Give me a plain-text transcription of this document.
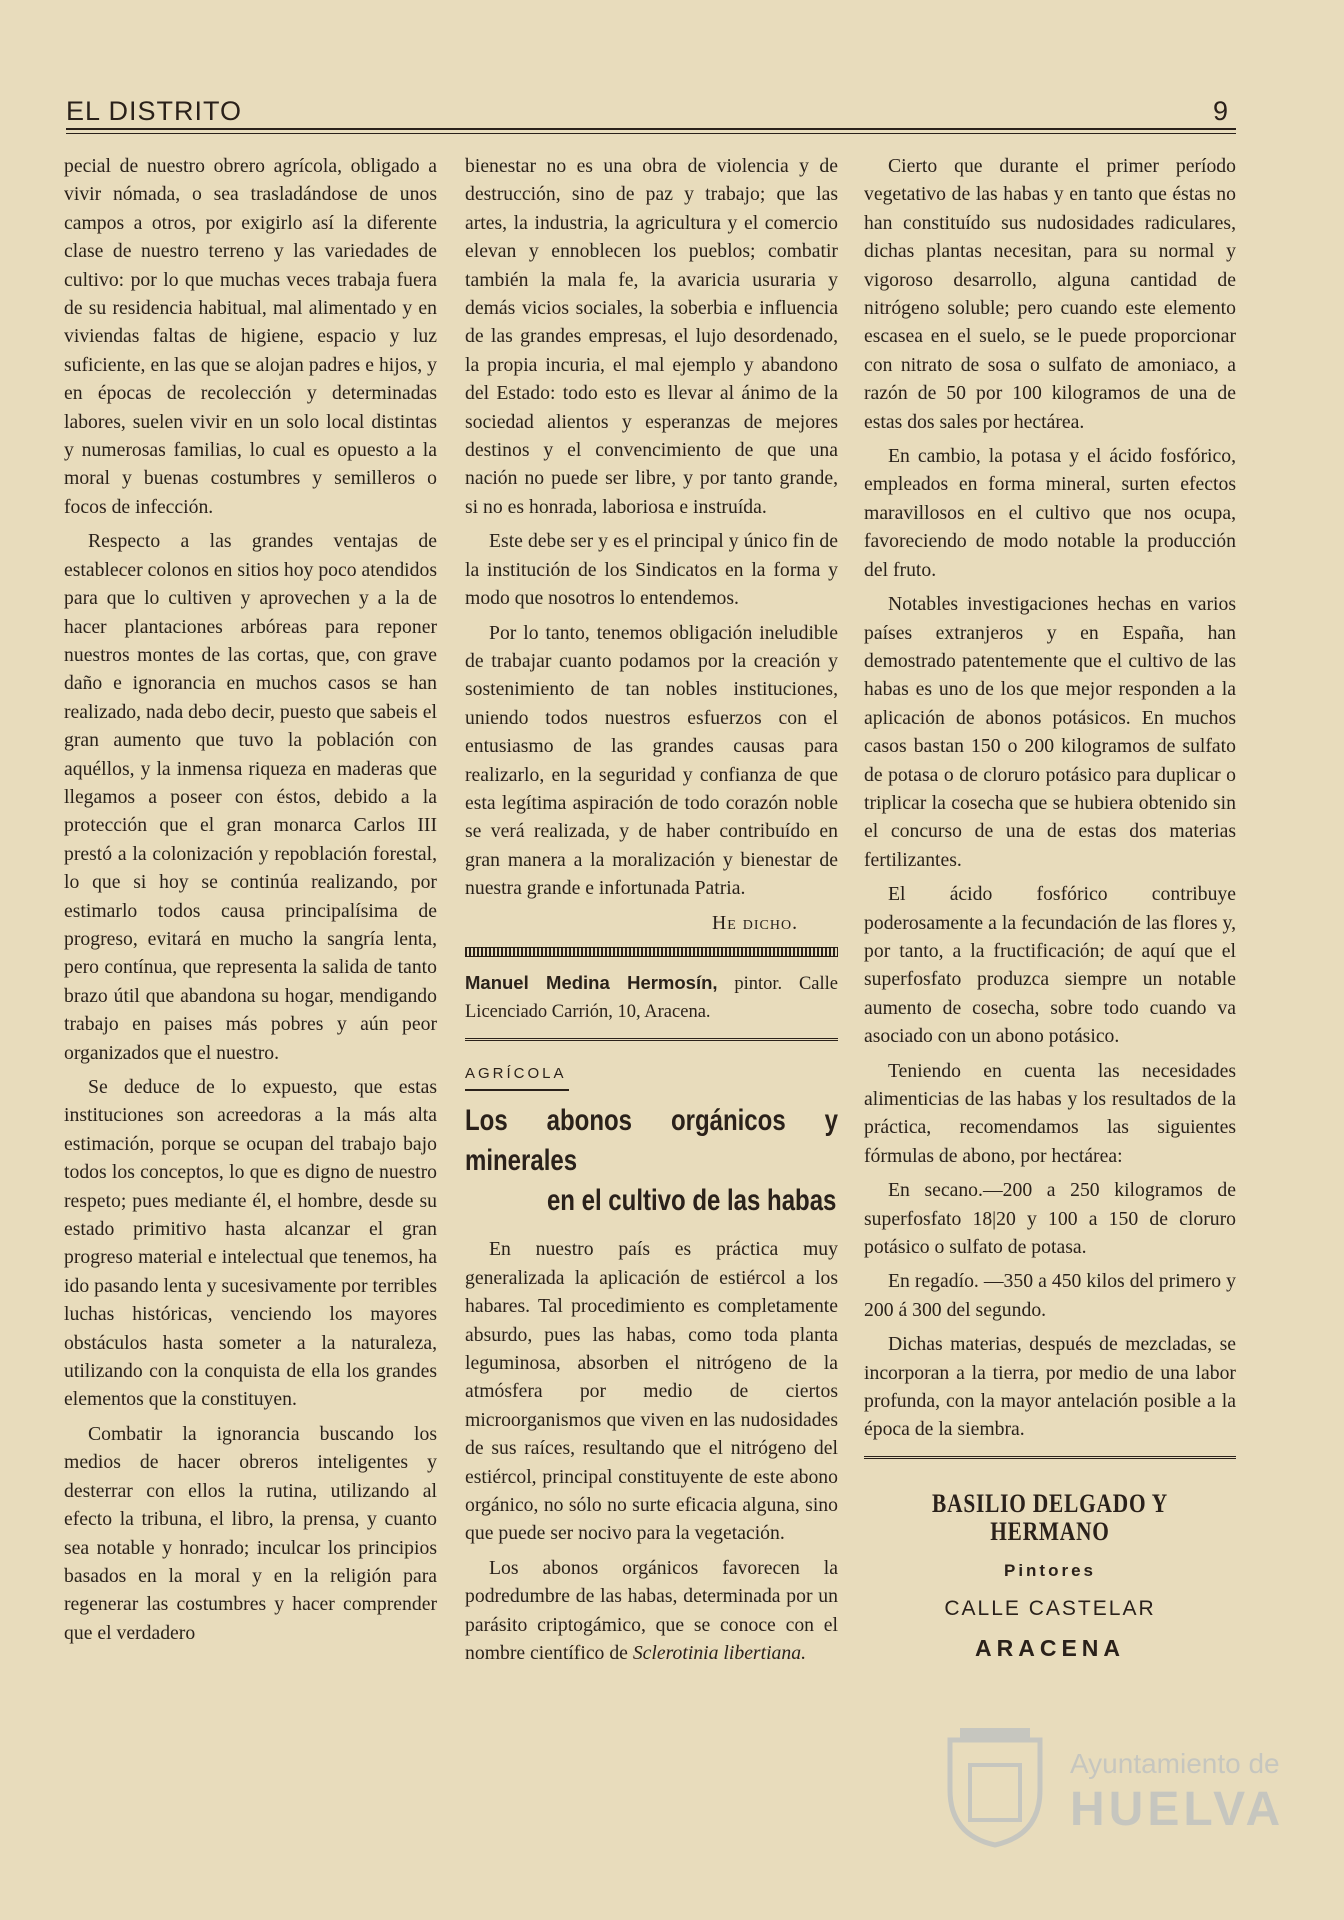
EL DISTRITO	9

pecial de nuestro obrero agrícola, obligado a vivir nómada, o sea trasladándose de unos campos a otros, por exigirlo así la diferente clase de nuestro terreno y las variedades de cultivo: por lo que muchas veces trabaja fuera de su residencia habitual, mal alimentado y en viviendas faltas de higiene, espacio y luz suficiente, en las que se alojan padres e hijos, y en épocas de recolección y determinadas labores, suelen vivir en un solo local distintas y numerosas familias, lo cual es opuesto a la moral y buenas costumbres y semilleros o focos de infección.

Respecto a las grandes ventajas de establecer colonos en sitios hoy poco atendidos para que lo cultiven y aprovechen y a la de hacer plantaciones arbóreas para reponer nuestros montes de las cortas, que, con grave daño e ignorancia en muchos casos se han realizado, nada debo decir, puesto que sabeis el gran aumento que tuvo la población con aquéllos, y la inmensa riqueza en maderas que llegamos a poseer con éstos, debido a la protección que el gran monarca Carlos III prestó a la colonización y repoblación forestal, lo que si hoy se continúa realizando, por estimarlo todos causa principalísima de progreso, evitará en mucho la sangría lenta, pero contínua, que representa la salida de tanto brazo útil que abandona su hogar, mendigando trabajo en paises más pobres y aún peor organizados que el nuestro.

Se deduce de lo expuesto, que estas instituciones son acreedoras a la más alta estimación, porque se ocupan del trabajo bajo todos los conceptos, lo que es digno de nuestro respeto; pues mediante él, el hombre, desde su estado primitivo hasta alcanzar el gran progreso material e intelectual que tenemos, ha ido pasando lenta y sucesivamente por terribles luchas históricas, venciendo los mayores obstáculos hasta someter a la naturaleza, utilizando con la conquista de ella los grandes elementos que la constituyen.

Combatir la ignorancia buscando los medios de hacer obreros inteligentes y desterrar con ellos la rutina, utilizando al efecto la tribuna, el libro, la prensa, y cuanto sea notable y honrado; inculcar los principios basados en la moral y en la religión para regenerar las costumbres y hacer comprender que el verdadero

bienestar no es una obra de violencia y de destrucción, sino de paz y trabajo; que las artes, la industria, la agricultura y el comercio elevan y ennoblecen los pueblos; combatir también la mala fe, la avaricia usuraria y demás vicios sociales, la soberbia e influencia de las grandes empresas, el lujo desordenado, la propia incuria, el mal ejemplo y abandono del Estado: todo esto es llevar al ánimo de la sociedad alientos y esperanzas de mejores destinos y el convencimiento de que una nación no puede ser libre, y por tanto grande, si no es honrada, laboriosa e instruída.

Este debe ser y es el principal y único fin de la institución de los Sindicatos en la forma y modo que nosotros lo entendemos.

Por lo tanto, tenemos obligación ineludible de trabajar cuanto podamos por la creación y sostenimiento de tan nobles instituciones, uniendo todos nuestros esfuerzos con el entusiasmo de las grandes causas para realizarlo, en la seguridad y confianza de que esta legítima aspiración de todo corazón noble se verá realizada, y de haber contribuído en gran manera a la moralización y bienestar de nuestra grande e infortunada Patria.

He dicho.

Manuel Medina Hermosín, pintor. Calle Licenciado Carrión, 10, Aracena.

AGRÍCOLA
Los abonos orgánicos y minerales
en el cultivo de las habas

En nuestro país es práctica muy generalizada la aplicación de estiércol a los habares. Tal procedimiento es completamente absurdo, pues las habas, como toda planta leguminosa, absorben el nitrógeno de la atmósfera por medio de ciertos microorganismos que viven en las nudosidades de sus raíces, resultando que el nitrógeno del estiércol, principal constituyente de este abono orgánico, no sólo no surte eficacia alguna, sino que puede ser nocivo para la vegetación.

Los abonos orgánicos favorecen la podredumbre de las habas, determinada por un parásito criptogámico, que se conoce con el nombre científico de Sclerotinia libertiana.

Cierto que durante el primer período vegetativo de las habas y en tanto que éstas no han constituído sus nudosidades radiculares, dichas plantas necesitan, para su normal y vigoroso desarrollo, alguna cantidad de nitrógeno soluble; pero cuando este elemento escasea en el suelo, se le puede proporcionar con nitrato de sosa o sulfato de amoniaco, a razón de 50 por 100 kilogramos de una de estas dos sales por hectárea.

En cambio, la potasa y el ácido fosfórico, empleados en forma mineral, surten efectos maravillosos en el cultivo que nos ocupa, favoreciendo de modo notable la producción del fruto.

Notables investigaciones hechas en varios países extranjeros y en España, han demostrado patentemente que el cultivo de las habas es uno de los que mejor responden a la aplicación de abonos potásicos. En muchos casos bastan 150 o 200 kilogramos de sulfato de potasa o de cloruro potásico para duplicar o triplicar la cosecha que se hubiera obtenido sin el concurso de una de estas dos materias fertilizantes.

El ácido fosfórico contribuye poderosamente a la fecundación de las flores y, por tanto, a la fructificación; de aquí que el superfosfato produzca siempre un notable aumento de cosecha, sobre todo cuando va asociado con un abono potásico.

Teniendo en cuenta las necesidades alimenticias de las habas y los resultados de la práctica, recomendamos las siguientes fórmulas de abono, por hectárea:

En secano.—200 a 250 kilogramos de superfosfato 18|20 y 100 a 150 de cloruro potásico o sulfato de potasa.

En regadío. —350 a 450 kilos del primero y 200 á 300 del segundo.

Dichas materias, después de mezcladas, se incorporan a la tierra, por medio de una labor profunda, con la mayor antelación posible a la época de la siembra.

BASILIO DELGADO Y HERMANO
Pintores
CALLE CASTELAR
ARACENA
Ayuntamiento de
HUELVA
